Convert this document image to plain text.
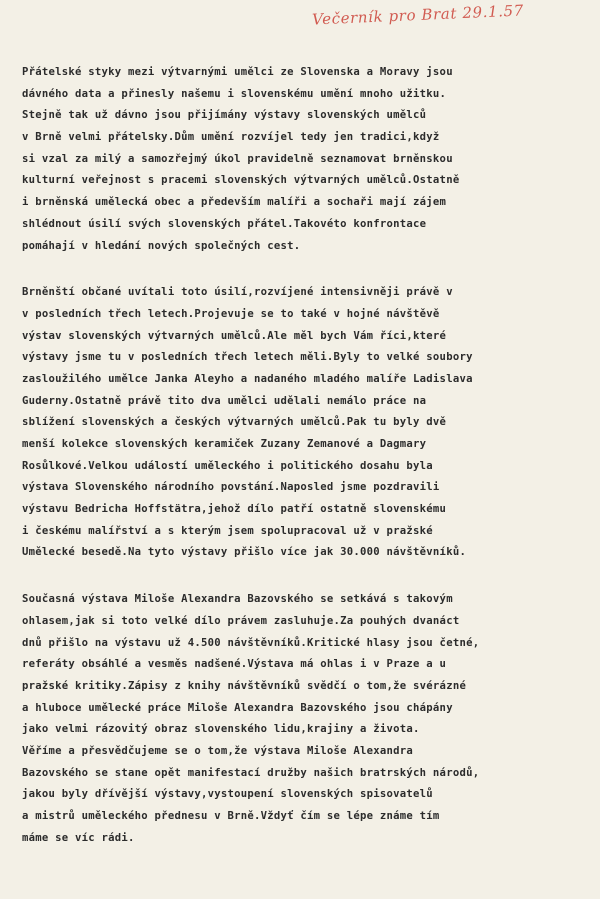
Večerník pro Brat 29.1.57
Přátelské styky mezi výtvarnými umělci ze Slovenska a Moravy jsou
dávného data a přinesly našemu i slovenskému umění mnoho užitku.
Stejně tak už dávno jsou přijímány výstavy slovenských umělců
v Brně velmi přátelsky.Dům umění rozvíjel tedy jen tradici,když
si vzal za milý a samozřejmý úkol pravidelně seznamovat brněnskou
kulturní veřejnost s pracemi slovenských výtvarných umělců.Ostatně
i brněnská umělecká obec a především malíři a sochaři mají zájem
shlédnout úsilí svých slovenských přátel.Takovéto konfrontace
pomáhají v hledání nových společných cest.
Brněnští občané uvítali toto úsilí,rozvíjené intensivněji právě v
v posledních třech letech.Projevuje se to také v hojné návštěvě
výstav slovenských výtvarných umělců.Ale měl bych Vám říci,které
výstavy jsme tu v posledních třech letech měli.Byly to velké soubory
zasloužilého umělce Janka Aleyho a nadaného mladého malíře Ladislava
Guderny.Ostatně právě tito dva umělci udělali nemálo práce na
sblížení slovenských a českých výtvarných umělců.Pak tu byly dvě
menší kolekce slovenských keramiček Zuzany Zemanové a Dagmary
Rosůlkové.Velkou událostí uměleckého i politického dosahu byla
výstava Slovenského národního povstání.Naposled jsme pozdravili
výstavu Bedricha Hoffstätra,jehož dílo patří ostatně slovenskému
i českému malířství a s kterým jsem spolupracoval už v pražské
Umělecké besedě.Na tyto výstavy přišlo více jak 30.000 návštěvníků.
Současná výstava Miloše Alexandra Bazovského se setkává s takovým
ohlasem,jak si toto velké dílo právem zasluhuje.Za pouhých dvanáct
dnů přišlo na výstavu už 4.500 návštěvníků.Kritické hlasy jsou četné,
referáty obsáhlé a vesměs nadšené.Výstava má ohlas i v Praze a u
pražské kritiky.Zápisy z knihy návštěvníků svědčí o tom,že svérázné
a hluboce umělecké práce Miloše Alexandra Bazovského jsou chápány
jako velmi rázovitý obraz slovenského lidu,krajiny a života.
Věříme a přesvědčujeme se o tom,že výstava Miloše Alexandra
Bazovského se stane opět manifestací družby našich bratrských národů,
jakou byly dřívější výstavy,vystoupení slovenských spisovatelů
a mistrů uměleckého přednesu v Brně.Vždyť čím se lépe známe tím
máme se víc rádi.
